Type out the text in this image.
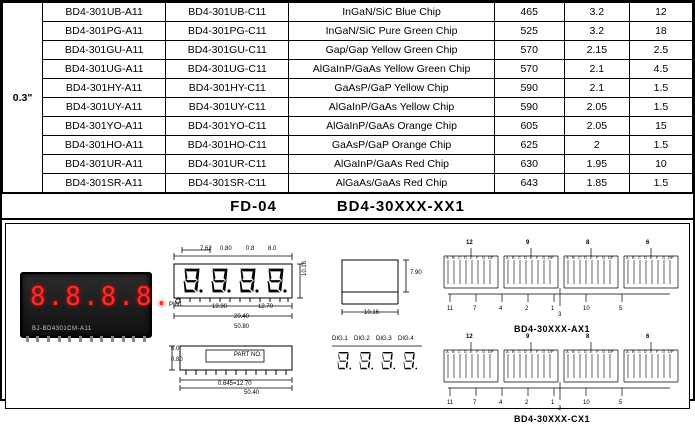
0.3"	BD4-301UB-A11	BD4-301UB-C11	InGaN/SiC Blue Chip	465	3.2	12
	BD4-301PG-A11	BD4-301PG-C11	InGaN/SiC Pure Green Chip	525	3.2	18
	BD4-301GU-A11	BD4-301GU-C11	Gap/Gap Yellow Green Chip	570	2.15	2.5
	BD4-301UG-A11	BD4-301UG-C11	AlGaInP/GaAs Yellow Green Chip	570	2.1	4.5
	BD4-301HY-A11	BD4-301HY-C11	GaAsP/GaP Yellow Chip	590	2.1	1.5
	BD4-301UY-A11	BD4-301UY-C11	AlGaInP/GaAs Yellow Chip	590	2.05	1.5
	BD4-301YO-A11	BD4-301YO-C11	AlGaInP/GaAs Orange Chip	605	2.05	15
	BD4-301HO-A11	BD4-301HO-C11	GaAsP/GaP Orange Chip	625	2	1.5
	BD4-301UR-A11	BD4-301UR-C11	AlGaInP/GaAs Red Chip	630	1.95	10
	BD4-301SR-A11	BD4-301SR-C11	AlGaAs/GaAs Red Chip	643	1.85	1.5
FD-04	BD4-30XXX-XX1
8.8.8.8.
BJ-BD4301CM-A11
7.62 0.80 0.8 8.0
10.16
19.90
20.40
12.70
PIN1
50.80
7.90
10.16
6.0
0.80
PART NO.
0.645=12.70
50.40
DIG.1 DIG.2 DIG.3 DIG.4
A B C D E F G DP	A B C D E F G DP	A B C D E F G DP	A B C D E F G DP
12	9	8	6
11	7	4	2	1	10	5
3
BD4-30XXX-AX1
A B C D E F G DP	A B C D E F G DP	A B C D E F G DP	A B C D E F G DP
12	9	8	6
11	7	4	2	1	10	5
3
BD4-30XXX-CX1
